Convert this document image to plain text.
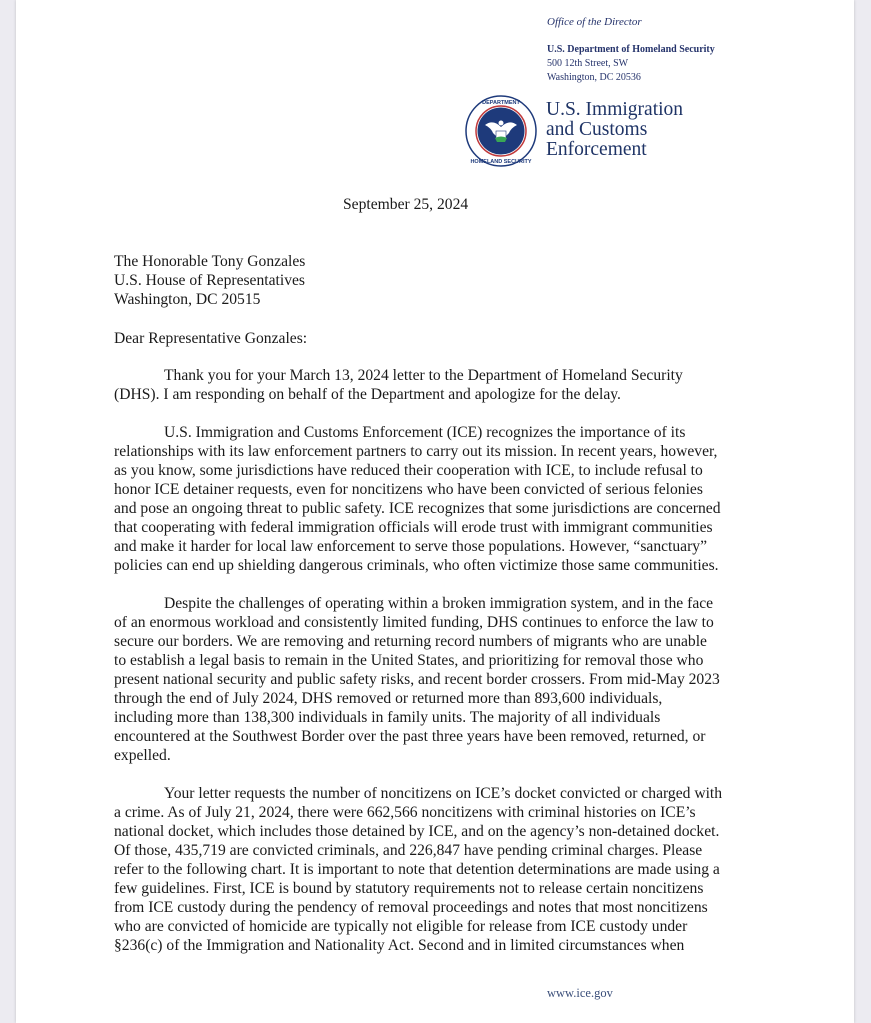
Office of the Director
U.S. Department of Homeland Security
500 12th Street, SW
Washington, DC 20536
DEPARTMENT
HOMELAND SECURITY
U.S. Immigration
and Customs
Enforcement
September 25, 2024
The Honorable Tony Gonzales
U.S. House of Representatives
Washington, DC 20515
Dear Representative Gonzales:
Thank you for your March 13, 2024 letter to the Department of Homeland Security
(DHS). I am responding on behalf of the Department and apologize for the delay.
U.S. Immigration and Customs Enforcement (ICE) recognizes the importance of its
relationships with its law enforcement partners to carry out its mission. In recent years, however,
as you know, some jurisdictions have reduced their cooperation with ICE, to include refusal to
honor ICE detainer requests, even for noncitizens who have been convicted of serious felonies
and pose an ongoing threat to public safety. ICE recognizes that some jurisdictions are concerned
that cooperating with federal immigration officials will erode trust with immigrant communities
and make it harder for local law enforcement to serve those populations. However, “sanctuary”
policies can end up shielding dangerous criminals, who often victimize those same communities.
Despite the challenges of operating within a broken immigration system, and in the face
of an enormous workload and consistently limited funding, DHS continues to enforce the law to
secure our borders. We are removing and returning record numbers of migrants who are unable
to establish a legal basis to remain in the United States, and prioritizing for removal those who
present national security and public safety risks, and recent border crossers. From mid-May 2023
through the end of July 2024, DHS removed or returned more than 893,600 individuals,
including more than 138,300 individuals in family units. The majority of all individuals
encountered at the Southwest Border over the past three years have been removed, returned, or
expelled.
Your letter requests the number of noncitizens on ICE’s docket convicted or charged with
a crime. As of July 21, 2024, there were 662,566 noncitizens with criminal histories on ICE’s
national docket, which includes those detained by ICE, and on the agency’s non-detained docket.
Of those, 435,719 are convicted criminals, and 226,847 have pending criminal charges. Please
refer to the following chart. It is important to note that detention determinations are made using a
few guidelines. First, ICE is bound by statutory requirements not to release certain noncitizens
from ICE custody during the pendency of removal proceedings and notes that most noncitizens
who are convicted of homicide are typically not eligible for release from ICE custody under
§236(c) of the Immigration and Nationality Act. Second and in limited circumstances when
www.ice.gov
